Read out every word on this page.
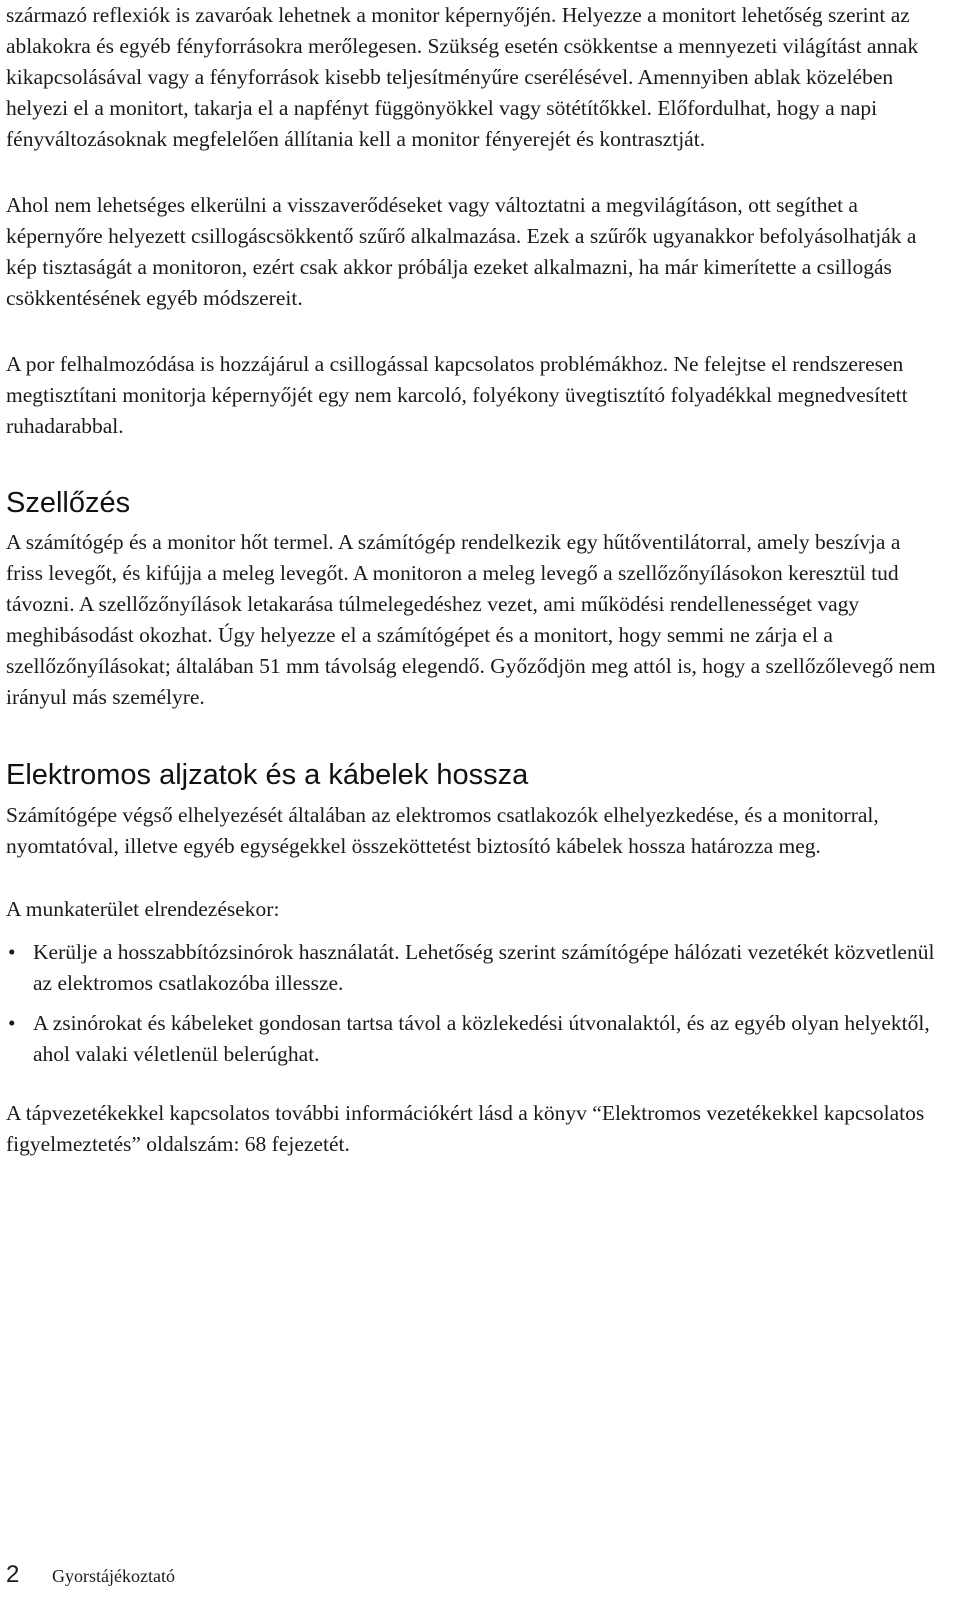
származó reflexiók is zavaróak lehetnek a monitor képernyőjén. Helyezze a monitort lehetőség szerint az ablakokra és egyéb fényforrásokra merőlegesen. Szükség esetén csökkentse a mennyezeti világítást annak kikapcsolásával vagy a fényforrások kisebb teljesítményűre cserélésével. Amennyiben ablak közelében helyezi el a monitort, takarja el a napfényt függönyökkel vagy sötétítőkkel. Előfordulhat, hogy a napi fényváltozásoknak megfelelően állítania kell a monitor fényerejét és kontrasztját.

Ahol nem lehetséges elkerülni a visszaverődéseket vagy változtatni a megvilágításon, ott segíthet a képernyőre helyezett csillogáscsökkentő szűrő alkalmazása. Ezek a szűrők ugyanakkor befolyásolhatják a kép tisztaságát a monitoron, ezért csak akkor próbálja ezeket alkalmazni, ha már kimerítette a csillogás csökkentésének egyéb módszereit.

A por felhalmozódása is hozzájárul a csillogással kapcsolatos problémákhoz. Ne felejtse el rendszeresen megtisztítani monitorja képernyőjét egy nem karcoló, folyékony üvegtisztító folyadékkal megnedvesített ruhadarabbal.

Szellőzés

A számítógép és a monitor hőt termel. A számítógép rendelkezik egy hűtőventilátorral, amely beszívja a friss levegőt, és kifújja a meleg levegőt. A monitoron a meleg levegő a szellőzőnyílásokon keresztül tud távozni. A szellőzőnyílások letakarása túlmelegedéshez vezet, ami működési rendellenességet vagy meghibásodást okozhat. Úgy helyezze el a számítógépet és a monitort, hogy semmi ne zárja el a szellőzőnyílásokat; általában 51 mm távolság elegendő. Győződjön meg attól is, hogy a szellőzőlevegő nem irányul más személyre.

Elektromos aljzatok és a kábelek hossza

Számítógépe végső elhelyezését általában az elektromos csatlakozók elhelyezkedése, és a monitorral, nyomtatóval, illetve egyéb egységekkel összeköttetést biztosító kábelek hossza határozza meg.

A munkaterület elrendezésekor:

• Kerülje a hosszabbítózsinórok használatát. Lehetőség szerint számítógépe hálózati vezetékét közvetlenül az elektromos csatlakozóba illessze.
• A zsinórokat és kábeleket gondosan tartsa távol a közlekedési útvonalaktól, és az egyéb olyan helyektől, ahol valaki véletlenül belerúghat.

A tápvezetékekkel kapcsolatos további információkért lásd a könyv “Elektromos vezetékekkel kapcsolatos figyelmeztetés” oldalszám: 68 fejezetét.

2	Gyorstájékoztató
